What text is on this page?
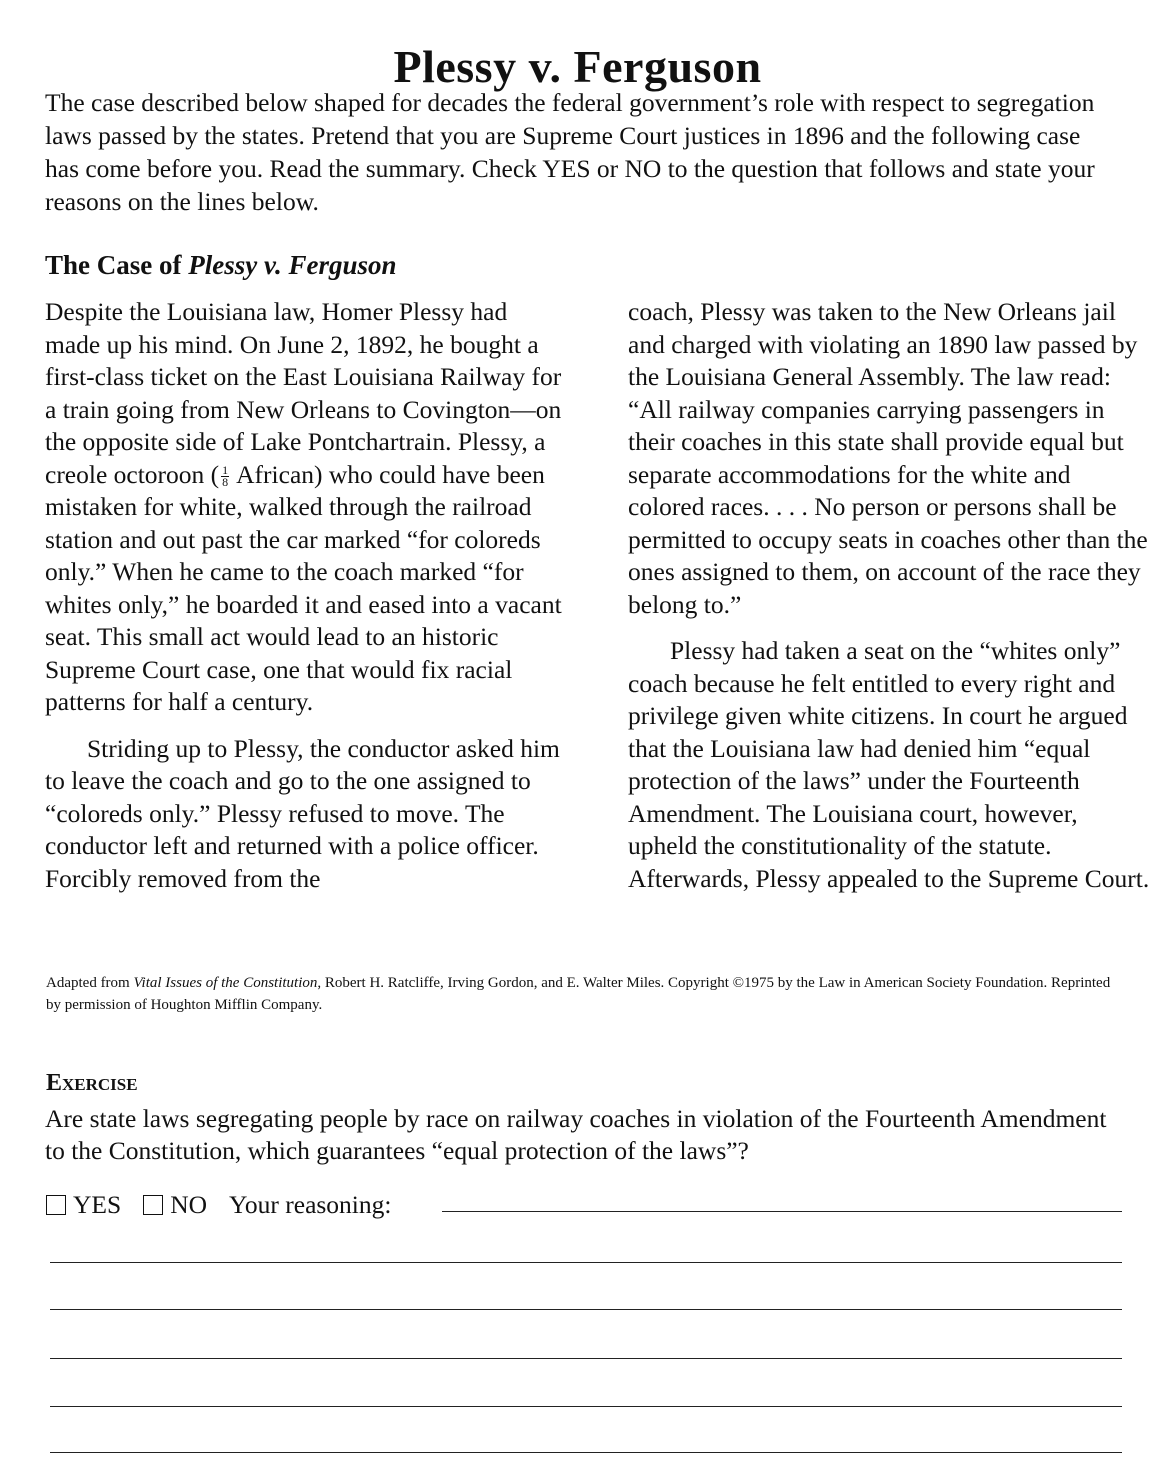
Plessy v. Ferguson

The case described below shaped for decades the federal government’s role with respect to segregation laws passed by the states. Pretend that you are Supreme Court justices in 1896 and the following case has come before you. Read the summary. Check YES or NO to the question that follows and state your reasons on the lines below.

The Case of Plessy v. Ferguson

Despite the Louisiana law, Homer Plessy had made up his mind. On June 2, 1892, he bought a first-class ticket on the East Louisiana Railway for a train going from New Orleans to Covington—on the opposite side of Lake Pontchartrain. Plessy, a creole octoroon ( $\frac{1}{8}$ African) who could have been mistaken for white, walked through the railroad station and out past the car marked “for coloreds only.” When he came to the coach marked “for whites only,” he boarded it and eased into a vacant seat. This small act would lead to an historic Supreme Court case, one that would fix racial patterns for half a century.

Striding up to Plessy, the conductor asked him to leave the coach and go to the one assigned to “coloreds only.” Plessy refused to move. The conductor left and returned with a police officer. Forcibly removed from the

coach, Plessy was taken to the New Orleans jail and charged with violating an 1890 law passed by the Louisiana General Assembly. The law read: “All railway companies carrying passengers in their coaches in this state shall provide equal but separate accommodations for the white and colored races. . . . No person or persons shall be permitted to occupy seats in coaches other than the ones assigned to them, on account of the race they belong to.”

Plessy had taken a seat on the “whites only” coach because he felt entitled to every right and privilege given white citizens. In court he argued that the Louisiana law had denied him “equal protection of the laws” under the Fourteenth Amendment. The Louisiana court, however, upheld the constitutionality of the statute. Afterwards, Plessy appealed to the Supreme Court.

Adapted from Vital Issues of the Constitution, Robert H. Ratcliffe, Irving Gordon, and E. Walter Miles. Copyright ©1975 by the Law in American Society Foundation. Reprinted by permission of Houghton Mifflin Company.

Exercise

Are state laws segregating people by race on railway coaches in violation of the Fourteenth Amendment to the Constitution, which guarantees “equal protection of the laws”?

YES NO Your reasoning:
